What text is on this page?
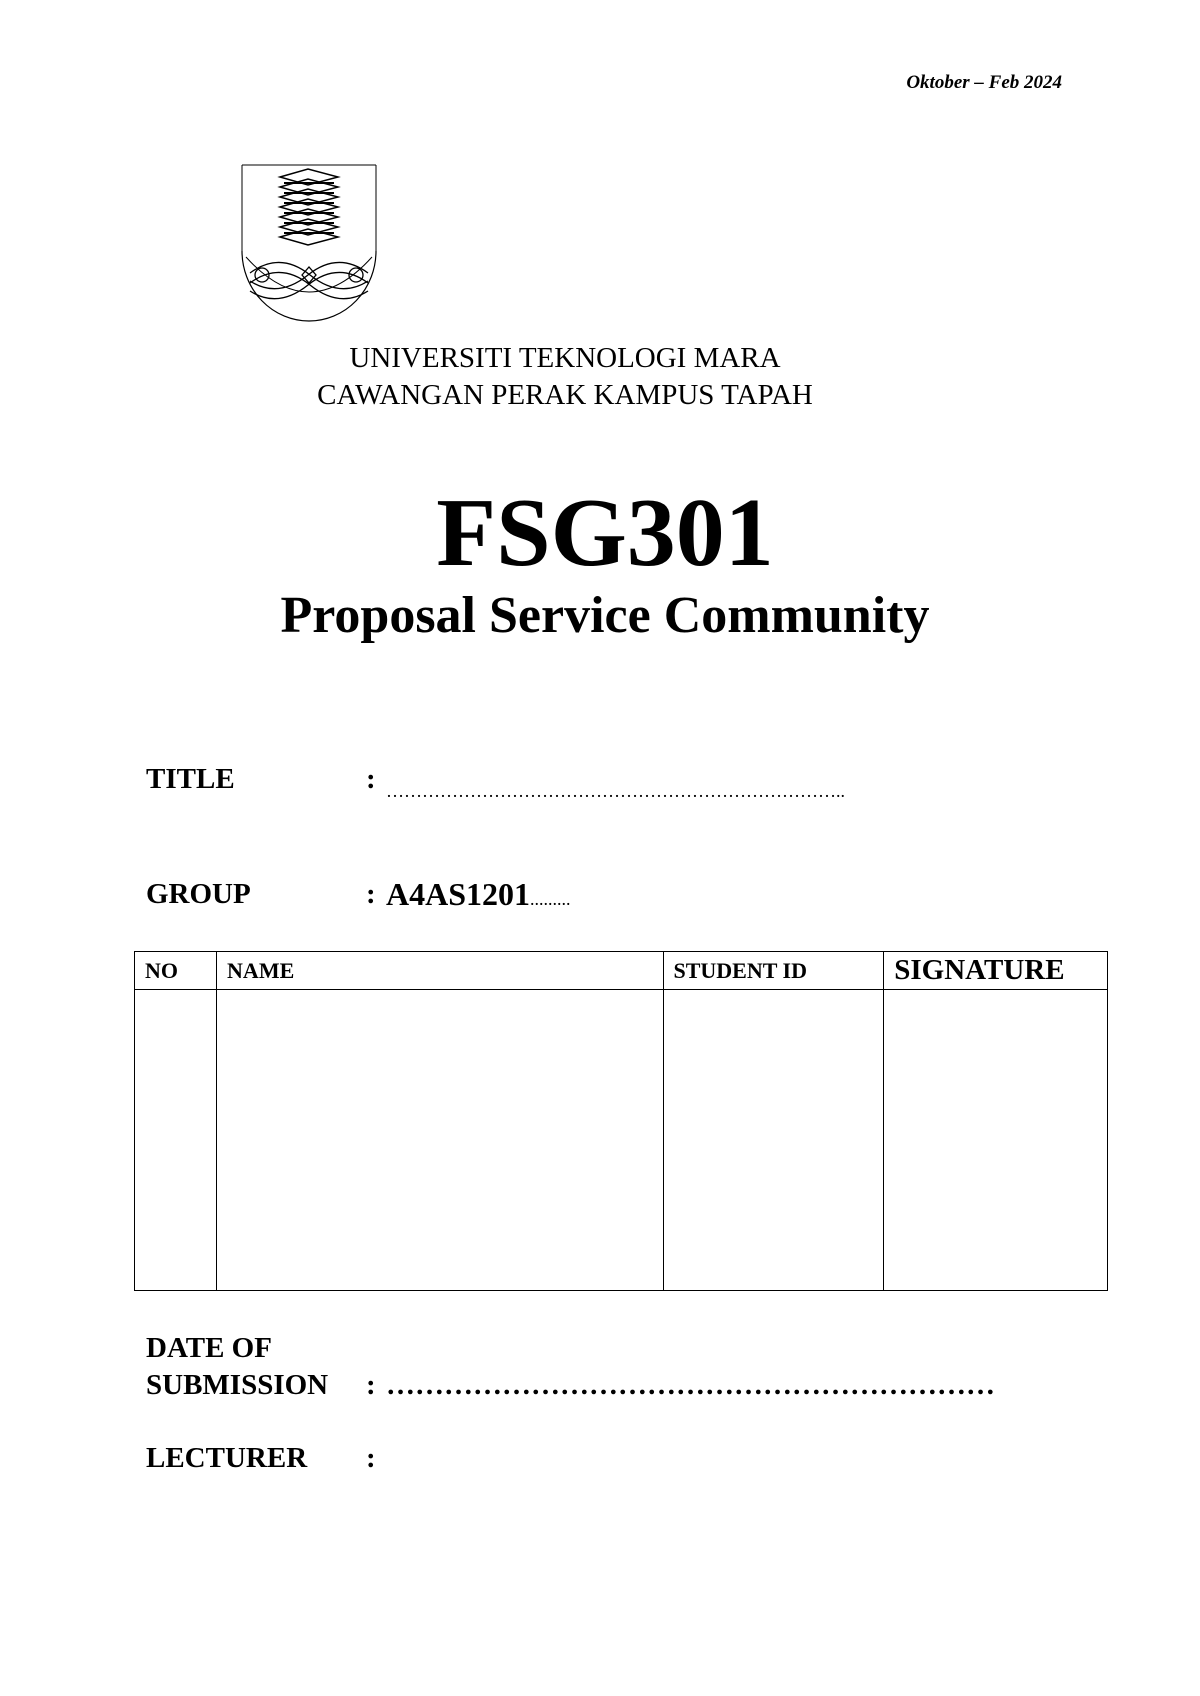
Oktober – Feb 2024
UNIVERSITI TEKNOLOGI MARA
CAWANGAN PERAK KAMPUS TAPAH
FSG301
Proposal Service Community
TITLE	: …………………………………………………………………..
GROUP	: A4AS1201.........
NO	NAME	STUDENT ID	SIGNATURE

DATE OF
SUBMISSION : ………………………………………………………
LECTURER :
